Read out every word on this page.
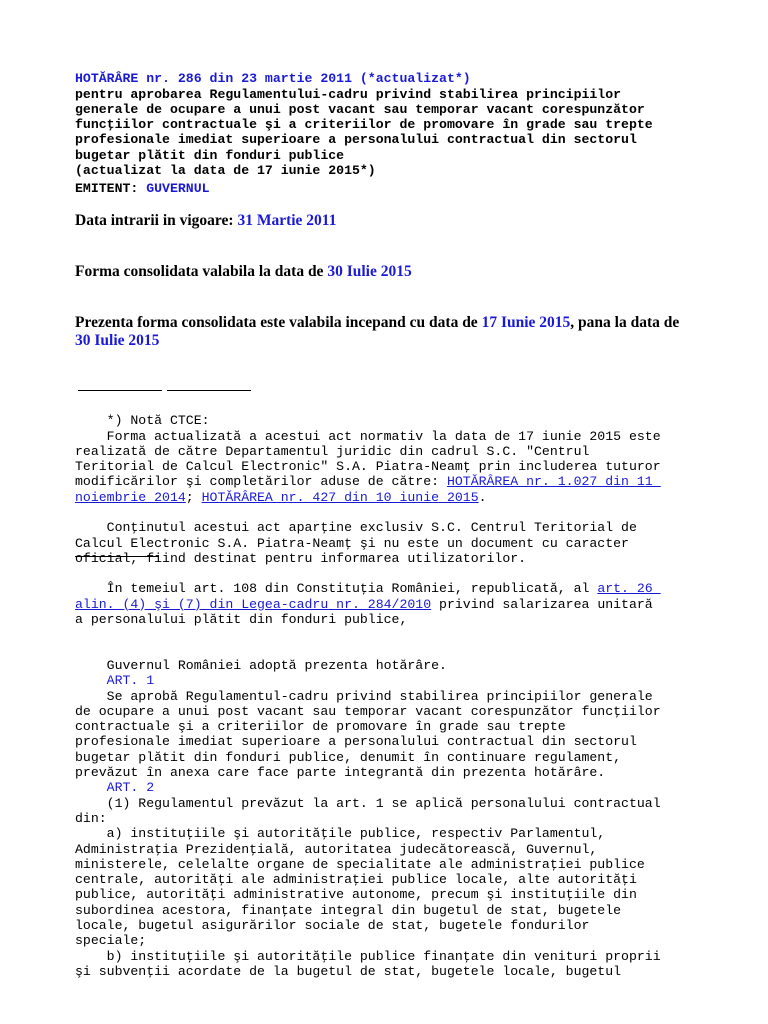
HOTĂRÂRE nr. 286 din 23 martie 2011 (*actualizat*)
pentru aprobarea Regulamentului-cadru privind stabilirea principiilor
generale de ocupare a unui post vacant sau temporar vacant corespunzător
funcţiilor contractuale şi a criteriilor de promovare în grade sau trepte
profesionale imediat superioare a personalului contractual din sectorul
bugetar plătit din fonduri publice
(actualizat la data de 17 iunie 2015*)
EMITENT: GUVERNUL
Data intrarii in vigoare: 31 Martie 2011
Forma consolidata valabila la data de 30 Iulie 2015
Prezenta forma consolidata este valabila incepand cu data de 17 Iunie 2015, pana la data de
30 Iulie 2015

*) Notă CTCE:
Forma actualizată a acestui act normativ la data de 17 iunie 2015 este
realizată de către Departamentul juridic din cadrul S.C. "Centrul
Teritorial de Calcul Electronic" S.A. Piatra-Neamţ prin includerea tuturor
modificărilor şi completărilor aduse de către: HOTĂRÂREA nr. 1.027 din 11
noiembrie 2014; HOTĂRÂREA nr. 427 din 10 iunie 2015.

Conţinutul acestui act aparţine exclusiv S.C. Centrul Teritorial de
Calcul Electronic S.A. Piatra-Neamţ şi nu este un document cu caracter
oficial, fiind destinat pentru informarea utilizatorilor.

În temeiul art. 108 din Constituţia României, republicată, al art. 26
alin. (4) şi (7) din Legea-cadru nr. 284/2010 privind salarizarea unitară
a personalului plătit din fonduri publice,

Guvernul României adoptă prezenta hotărâre.

ART. 1
Se aprobă Regulamentul-cadru privind stabilirea principiilor generale
de ocupare a unui post vacant sau temporar vacant corespunzător funcţiilor
contractuale şi a criteriilor de promovare în grade sau trepte
profesionale imediat superioare a personalului contractual din sectorul
bugetar plătit din fonduri publice, denumit în continuare regulament,
prevăzut în anexa care face parte integrantă din prezenta hotărâre.
ART. 2
(1) Regulamentul prevăzut la art. 1 se aplică personalului contractual
din:
a) instituţiile şi autorităţile publice, respectiv Parlamentul,
Administraţia Prezidenţială, autoritatea judecătorească, Guvernul,
ministerele, celelalte organe de specialitate ale administraţiei publice
centrale, autorităţi ale administraţiei publice locale, alte autorităţi
publice, autorităţi administrative autonome, precum şi instituţiile din
subordinea acestora, finanţate integral din bugetul de stat, bugetele
locale, bugetul asigurărilor sociale de stat, bugetele fondurilor
speciale;
b) instituţiile şi autorităţile publice finanţate din venituri proprii
şi subvenţii acordate de la bugetul de stat, bugetele locale, bugetul
